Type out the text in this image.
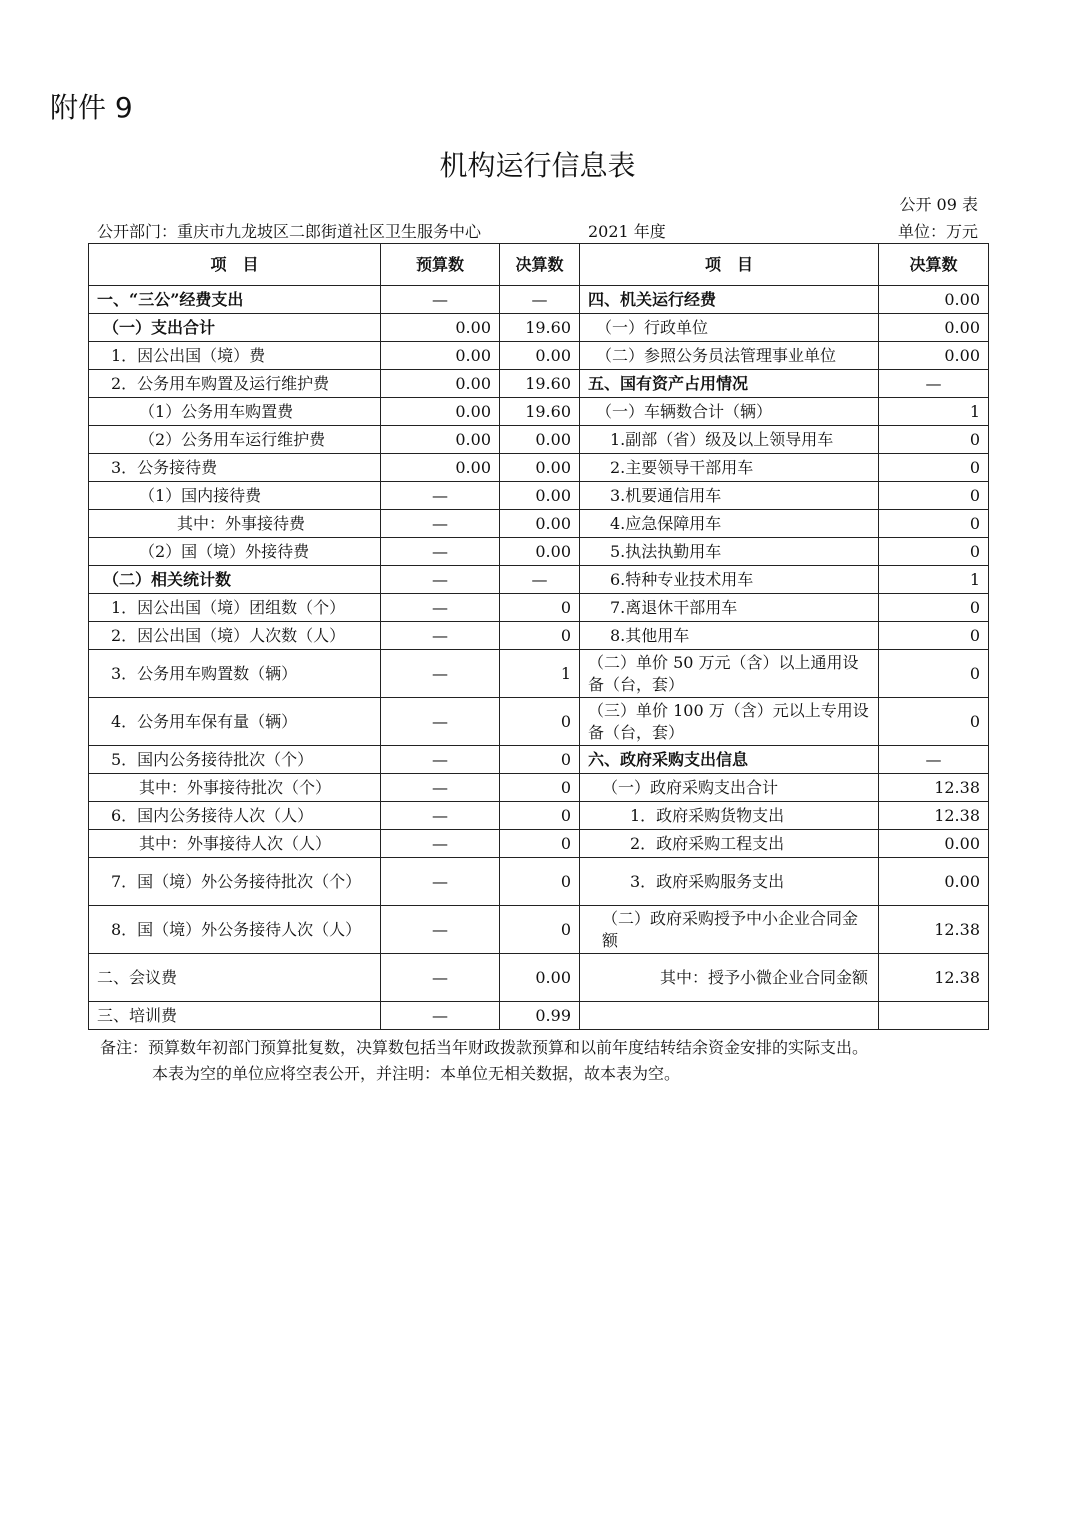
附件 9
机构运行信息表
公开 09 表
公开部门：重庆市九龙坡区二郎街道社区卫生服务中心	2021 年度	单位：万元
项　目	预算数	决算数	项　目	决算数
一、“三公”经费支出	—	—	四、机关运行经费	0.00
（一）支出合计	0.00	19.60	（一）行政单位	0.00
1．因公出国（境）费	0.00	0.00	（二）参照公务员法管理事业单位	0.00
2．公务用车购置及运行维护费	0.00	19.60	五、国有资产占用情况	—
（1）公务用车购置费	0.00	19.60	（一）车辆数合计（辆）	1
（2）公务用车运行维护费	0.00	0.00	1.副部（省）级及以上领导用车	0
3．公务接待费	0.00	0.00	2.主要领导干部用车	0
（1）国内接待费	—	0.00	3.机要通信用车	0
其中：外事接待费	—	0.00	4.应急保障用车	0
（2）国（境）外接待费	—	0.00	5.执法执勤用车	0
（二）相关统计数	—	—	6.特种专业技术用车	1
1．因公出国（境）团组数（个）	—	0	7.离退休干部用车	0
2．因公出国（境）人次数（人）	—	0	8.其他用车	0
3．公务用车购置数（辆）	—	1	（二）单价 50 万元（含）以上通用设备（台，套）	0
4．公务用车保有量（辆）	—	0	（三）单价 100 万（含）元以上专用设备（台，套）	0
5．国内公务接待批次（个）	—	0	六、政府采购支出信息	—
其中：外事接待批次（个）	—	0	（一）政府采购支出合计	12.38
6．国内公务接待人次（人）	—	0	1．政府采购货物支出	12.38
其中：外事接待人次（人）	—	0	2．政府采购工程支出	0.00
7．国（境）外公务接待批次（个）	—	0	3．政府采购服务支出	0.00
8．国（境）外公务接待人次（人）	—	0	（二）政府采购授予中小企业合同金额	12.38
二、会议费	—	0.00	其中：授予小微企业合同金额	12.38
三、培训费	—	0.99		
备注：预算数年初部门预算批复数，决算数包括当年财政拨款预算和以前年度结转结余资金安排的实际支出。
本表为空的单位应将空表公开，并注明：本单位无相关数据，故本表为空。
